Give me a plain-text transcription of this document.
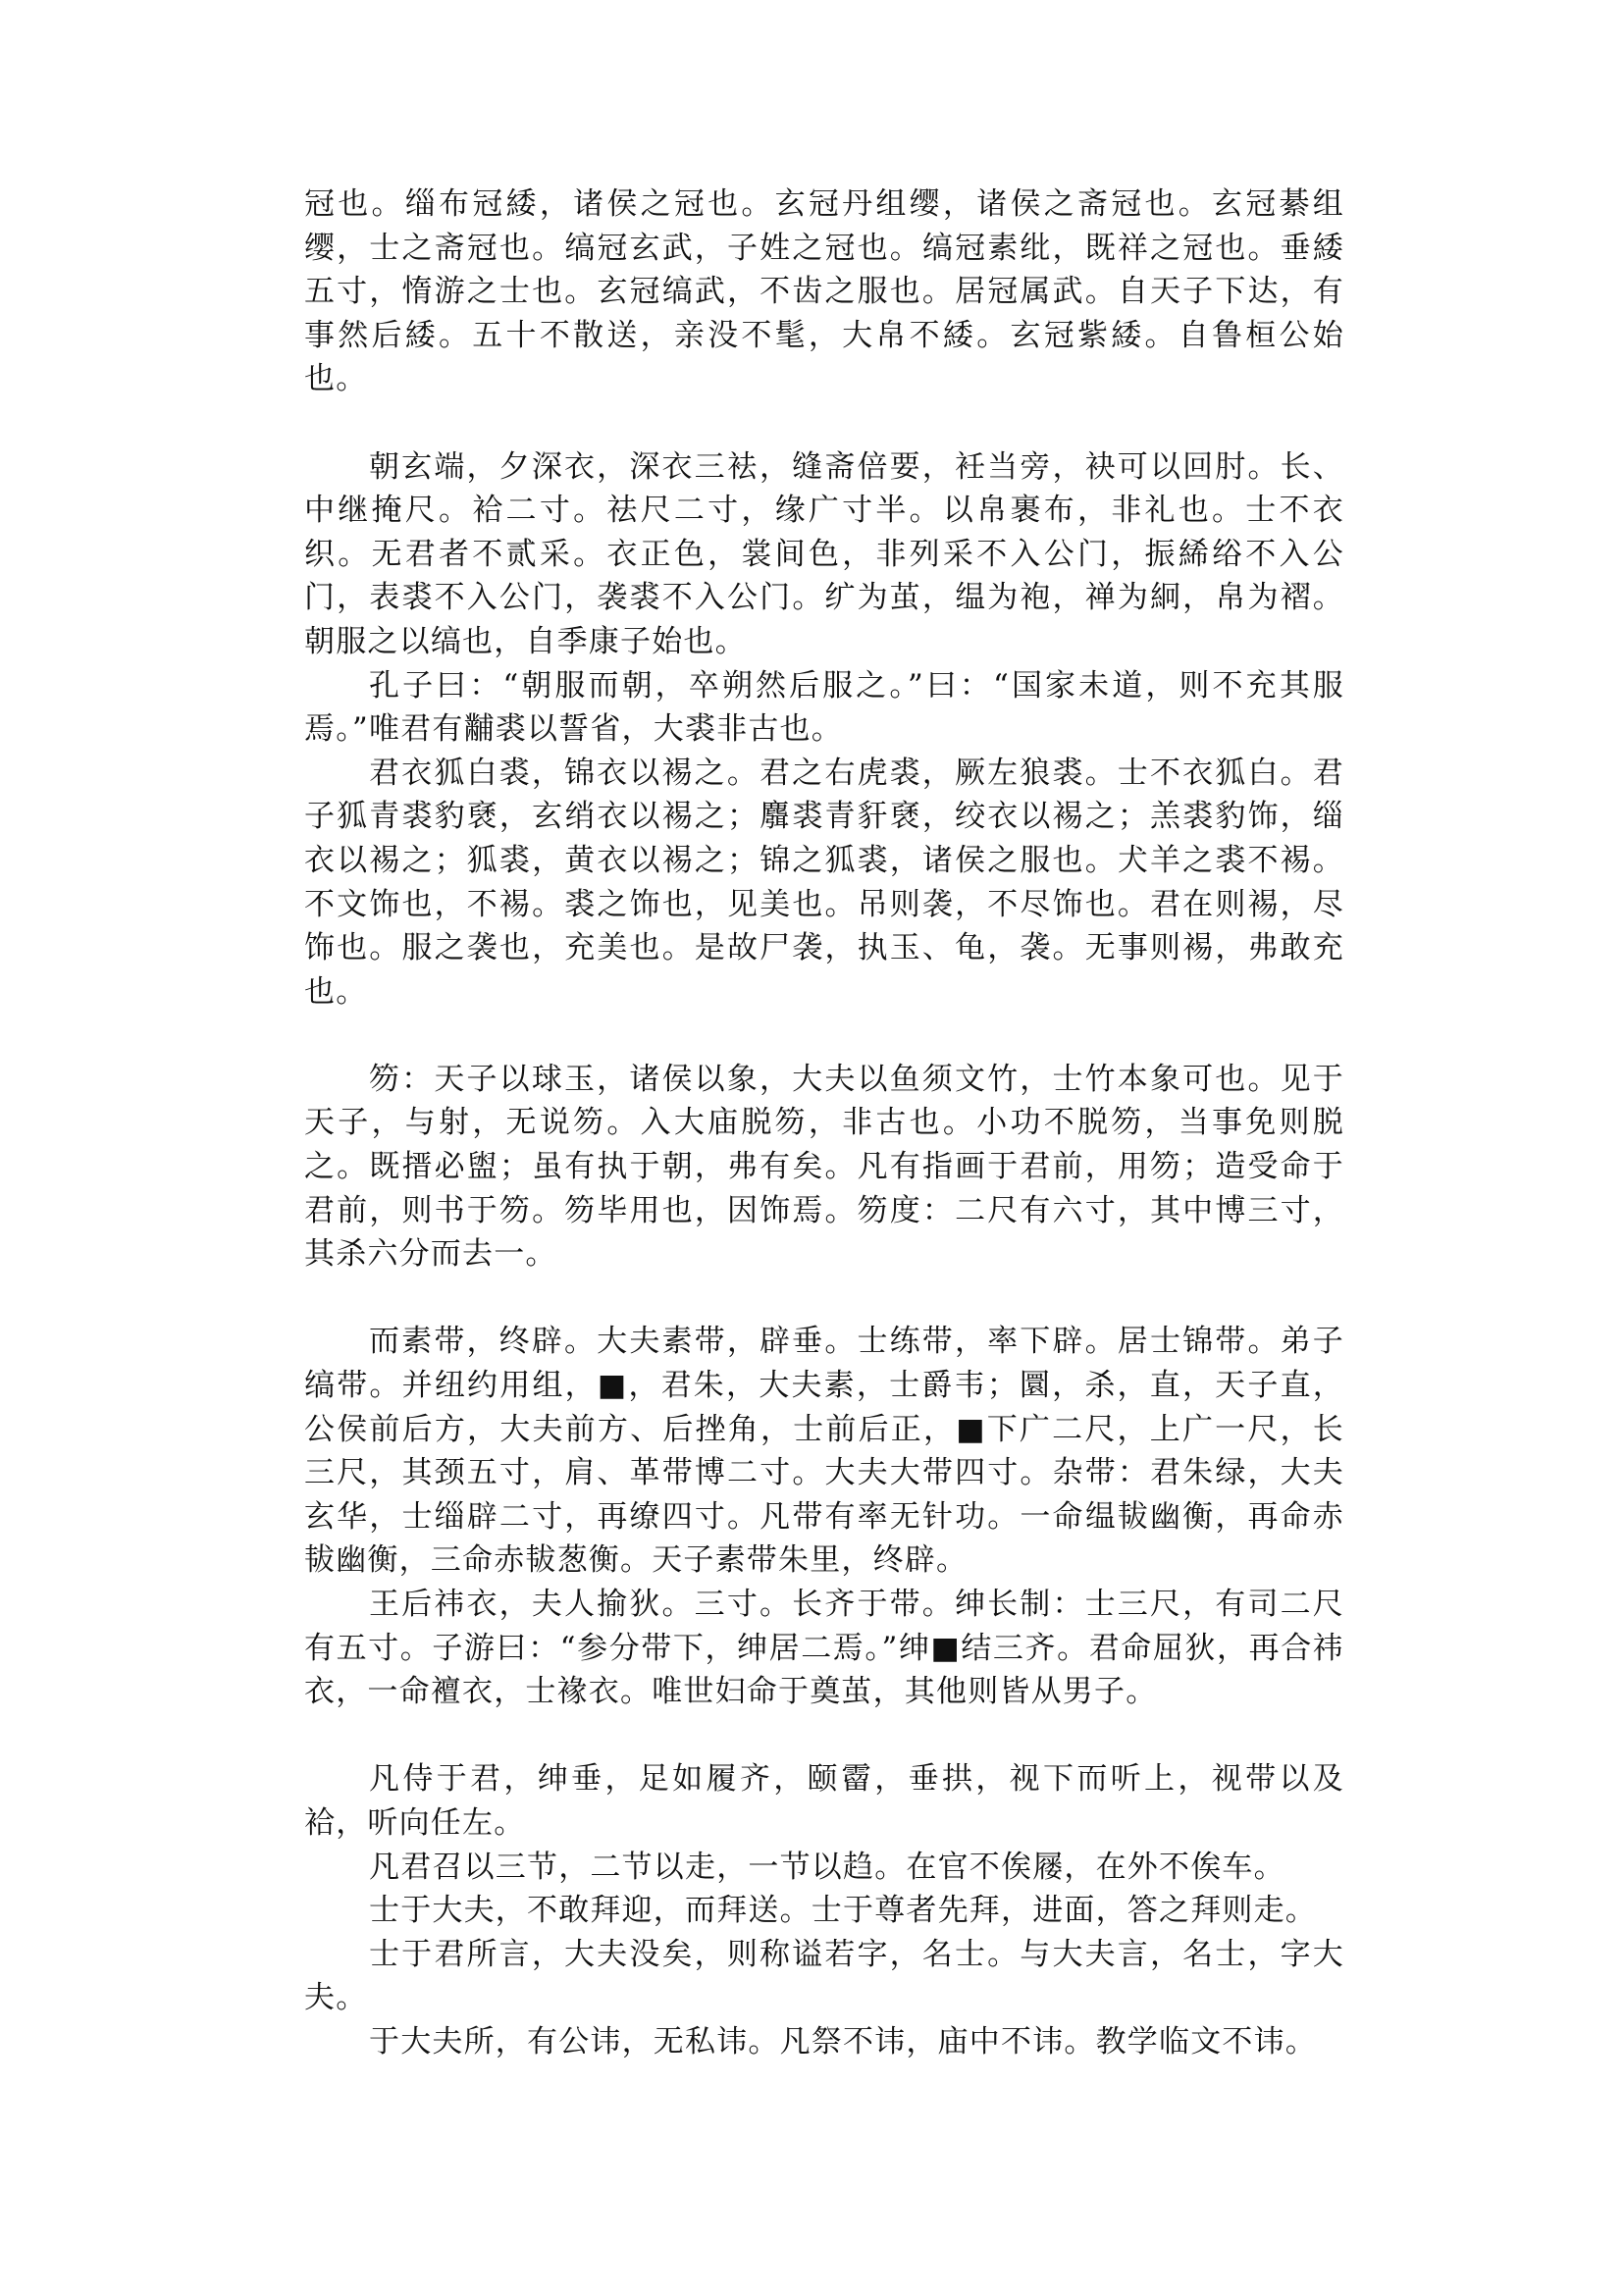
冠也。缁布冠緌，诸侯之冠也。玄冠丹组缨，诸侯之斋冠也。玄冠綦组缨，士之斋冠也。缟冠玄武，子姓之冠也。缟冠素纰，既祥之冠也。垂緌五寸，惰游之士也。玄冠缟武，不齿之服也。居冠属武。自天子下达，有事然后緌。五十不散送，亲没不髦，大帛不緌。玄冠紫緌。自鲁桓公始也。

朝玄端，夕深衣，深衣三袪，缝斋倍要，衽当旁，袂可以回肘。长、中继掩尺。袷二寸。祛尺二寸，缘广寸半。以帛裹布，非礼也。士不衣织。无君者不贰采。衣正色，裳间色，非列采不入公门，振絺绤不入公门，表裘不入公门，袭裘不入公门。纩为茧，缊为袍，禅为絅，帛为褶。朝服之以缟也，自季康子始也。

孔子曰：“朝服而朝，卒朔然后服之。”曰：“国家未道，则不充其服焉。”唯君有黼裘以誓省，大裘非古也。

君衣狐白裘，锦衣以裼之。君之右虎裘，厥左狼裘。士不衣狐白。君子狐青裘豹褎，玄绡衣以裼之；麛裘青豻褎，绞衣以裼之；羔裘豹饰，缁衣以裼之；狐裘，黄衣以裼之；锦之狐裘，诸侯之服也。犬羊之裘不裼。不文饰也，不裼。裘之饰也，见美也。吊则袭，不尽饰也。君在则裼，尽饰也。服之袭也，充美也。是故尸袭，执玉、龟，袭。无事则裼，弗敢充也。

笏：天子以球玉，诸侯以象，大夫以鱼须文竹，士竹本象可也。见于天子，与射，无说笏。入大庙脱笏，非古也。小功不脱笏，当事免则脱之。既搢必盥；虽有执于朝，弗有矣。凡有指画于君前，用笏；造受命于君前，则书于笏。笏毕用也，因饰焉。笏度：二尺有六寸，其中博三寸，其杀六分而去一。

而素带，终辟。大夫素带，辟垂。士练带，率下辟。居士锦带。弟子缟带。并纽约用组，■，君朱，大夫素，士爵韦；圜，杀，直，天子直，公侯前后方，大夫前方、后挫角，士前后正，■下广二尺，上广一尺，长三尺，其颈五寸，肩、革带博二寸。大夫大带四寸。杂带：君朱绿，大夫玄华，士缁辟二寸，再缭四寸。凡带有率无针功。一命缊韨幽衡，再命赤韨幽衡，三命赤韨葱衡。天子素带朱里，终辟。

王后祎衣，夫人揄狄。三寸。长齐于带。绅长制：士三尺，有司二尺有五寸。子游曰：“参分带下，绅居二焉。”绅■结三齐。君命屈狄，再合祎衣，一命襢衣，士褖衣。唯世妇命于奠茧，其他则皆从男子。

凡侍于君，绅垂，足如履齐，颐霤，垂拱，视下而听上，视带以及袷，听向任左。

凡君召以三节，二节以走，一节以趋。在官不俟屦，在外不俟车。

士于大夫，不敢拜迎，而拜送。士于尊者先拜，进面，答之拜则走。

士于君所言，大夫没矣，则称谥若字，名士。与大夫言，名士，字大夫。

于大夫所，有公讳，无私讳。凡祭不讳，庙中不讳。教学临文不讳。
